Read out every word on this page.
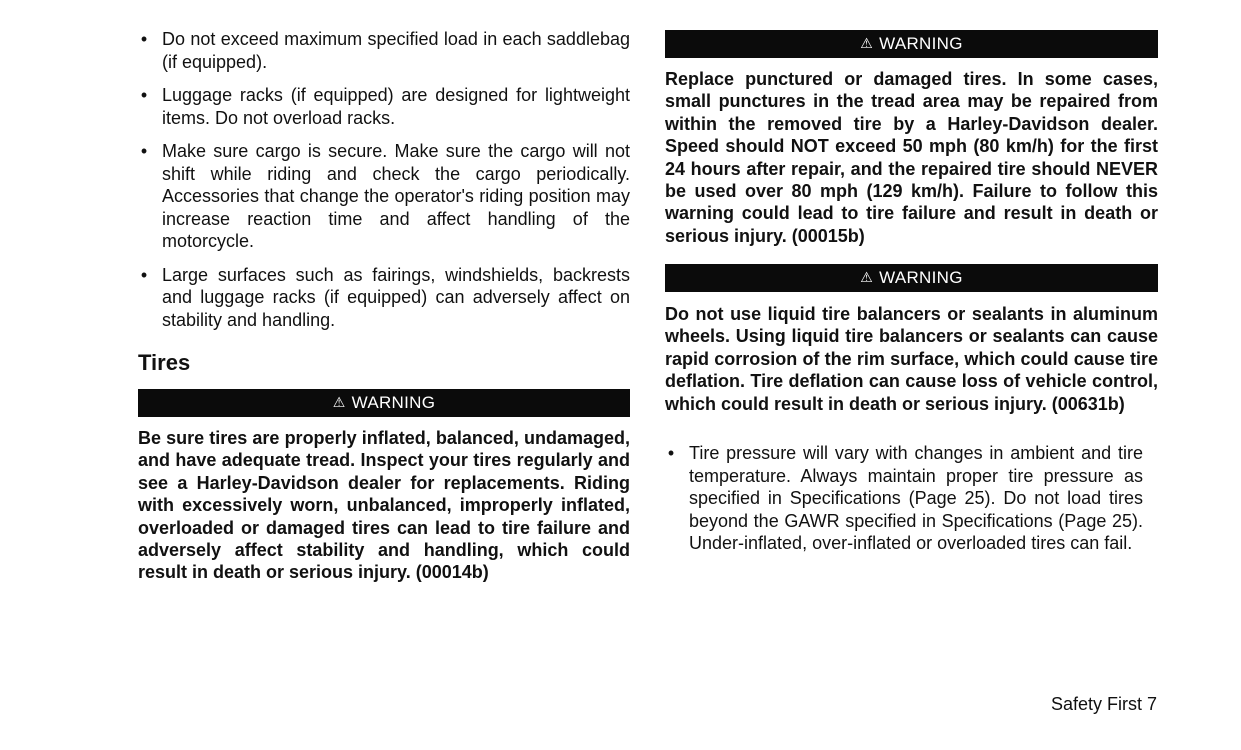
• Do not exceed maximum specified load in each saddlebag (if equipped).
• Luggage racks (if equipped) are designed for lightweight items. Do not overload racks.
• Make sure cargo is secure. Make sure the cargo will not shift while riding and check the cargo periodically. Accessories that change the operator's riding position may increase reaction time and affect handling of the motorcycle.
• Large surfaces such as fairings, windshields, backrests and luggage racks (if equipped) can adversely affect on stability and handling.
Tires
⚠ WARNING

Be sure tires are properly inflated, balanced, undamaged, and have adequate tread. Inspect your tires regularly and see a Harley-Davidson dealer for replacements. Riding with excessively worn, unbalanced, improperly inflated, overloaded or damaged tires can lead to tire failure and adversely affect stability and handling, which could result in death or serious injury. (00014b)

⚠ WARNING

Replace punctured or damaged tires. In some cases, small punctures in the tread area may be repaired from within the removed tire by a Harley-Davidson dealer. Speed should NOT exceed 50 mph (80 km/h) for the first 24 hours after repair, and the repaired tire should NEVER be used over 80 mph (129 km/h). Failure to follow this warning could lead to tire failure and result in death or serious injury. (00015b)

⚠ WARNING

Do not use liquid tire balancers or sealants in aluminum wheels. Using liquid tire balancers or sealants can cause rapid corrosion of the rim surface, which could cause tire deflation. Tire deflation can cause loss of vehicle control, which could result in death or serious injury. (00631b)

• Tire pressure will vary with changes in ambient and tire temperature. Always maintain proper tire pressure as specified in Specifications (Page 25). Do not load tires beyond the GAWR specified in Specifications (Page 25). Under-inflated, over-inflated or overloaded tires can fail.
Safety First 7
